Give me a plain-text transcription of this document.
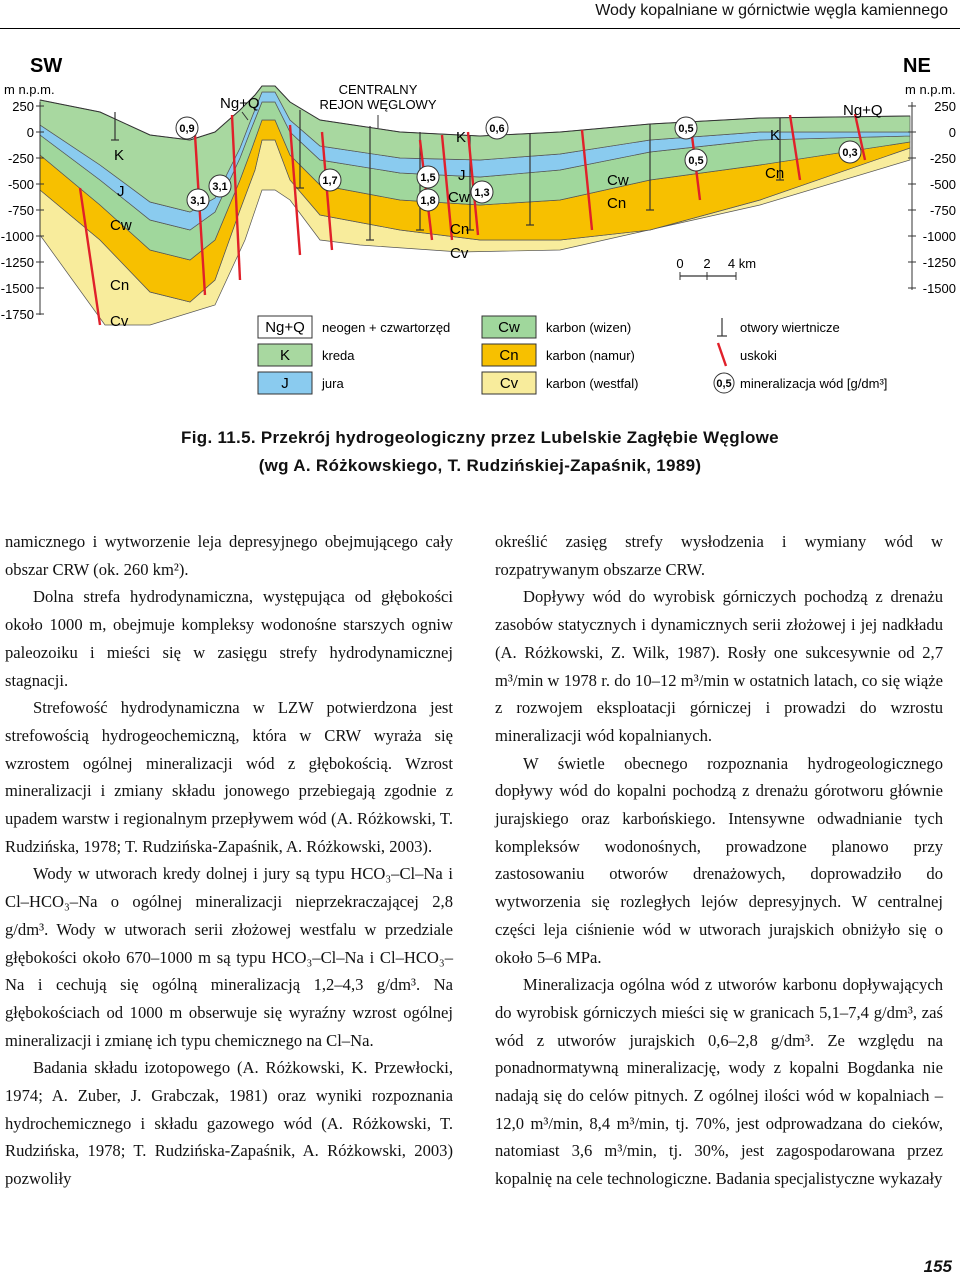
Wody kopalniane w górnictwie węgla kamiennego
SW
m n.p.m.
250
0
-250
-500
-750
-1000
-1250
-1500
-1750
NE
m n.p.m.
250
0
-250
-500
-750
-1000
-1250
-1500
CENTRALNY
REJON WĘGLOWY
Ng+Q	Ng+Q
K
K	K
J
J
Cw
Cw
Cw
Cn
Cn
Cn
Cn
Cv
Cv
0,9
3,1
3,1	1,7	1,5
1,8
1,3
0,6	0,5
0,5
0,3
0 2 4 km
Ng+Q neogen + czwartorzęd
K kreda
J	jura
Cw karbon (wizen)
Cn karbon (namur)
Cv karbon (westfal)
otwory wiertnicze
uskoki
0,5 mineralizacja wód [g/dm³]
Fig. 11.5. Przekrój hydrogeologiczny przez Lubelskie Zagłębie Węglowe
(wg A. Różkowskiego, T. Rudzińskiej-Zapaśnik, 1989)

namicznego i wytworzenie leja depresyjnego obejmującego cały obszar CRW (ok. 260 km²).

Dolna strefa hydrodynamiczna, występująca od głębokości około 1000 m, obejmuje kompleksy wodonośne starszych ogniw paleozoiku i mieści się w zasięgu strefy hydrodynamicznej stagnacji.

Strefowość hydrodynamiczna w LZW potwierdzona jest strefowością hydrogeochemiczną, która w CRW wyraża się wzrostem ogólnej mineralizacji wód z głębokością. Wzrost mineralizacji i zmiany składu jonowego przebiegają zgodnie z upadem warstw i regionalnym przepływem wód (A. Różkowski, T. Rudzińska, 1978; T. Rudzińska-Zapaśnik, A. Różkowski, 2003).

Wody w utworach kredy dolnej i jury są typu HCO₃–Cl–Na i Cl–HCO₃–Na o ogólnej mineralizacji nieprzekraczającej 2,8 g/dm³. Wody w utworach serii złożowej westfalu w przedziale głębokości około 670–1000 m są typu HCO₃–Cl–Na i Cl–HCO₃–Na i cechują się ogólną mineralizacją 1,2–4,3 g/dm³. Na głębokościach od 1000 m obserwuje się wyraźny wzrost ogólnej mineralizacji i zmianę ich typu chemicznego na Cl–Na.

Badania składu izotopowego (A. Różkowski, K. Przewłocki, 1974; A. Zuber, J. Grabczak, 1981) oraz wyniki rozpoznania hydrochemicznego i składu gazowego wód (A. Różkowski, T. Rudzińska, 1978; T. Rudzińska-Zapaśnik, A. Różkowski, 2003) pozwoliły

określić zasięg strefy wysłodzenia i wymiany wód w rozpatrywanym obszarze CRW.

Dopływy wód do wyrobisk górniczych pochodzą z drenażu zasobów statycznych i dynamicznych serii złożowej i jej nadkładu (A. Różkowski, Z. Wilk, 1987). Rosły one sukcesywnie od 2,7 m³/min w 1978 r. do 10–12 m³/min w ostatnich latach, co się wiąże z rozwojem eksploatacji górniczej i prowadzi do wzrostu mineralizacji wód kopalnianych.

W świetle obecnego rozpoznania hydrogeologicznego dopływy wód do kopalni pochodzą z drenażu górotworu głównie jurajskiego oraz karbońskiego. Intensywne odwadnianie tych kompleksów wodonośnych, prowadzone planowo przy zastosowaniu otworów drenażowych, doprowadziło do wytworzenia się rozległych lejów depresyjnych. W centralnej części leja ciśnienie wód w utworach jurajskich obniżyło się o około 5–6 MPa.

Mineralizacja ogólna wód z utworów karbonu dopływających do wyrobisk górniczych mieści się w granicach 5,1–7,4 g/dm³, zaś wód z utworów jurajskich 0,6–2,8 g/dm³. Ze względu na ponadnormatywną mineralizację, wody z kopalni Bogdanka nie nadają się do celów pitnych. Z ogólnej ilości wód w kopalniach – 12,0 m³/min, 8,4 m³/min, tj. 70%, jest odprowadzana do cieków, natomiast 3,6 m³/min, tj. 30%, jest zagospodarowana przez kopalnię na cele technologiczne. Badania specjalistyczne wykazały

155
